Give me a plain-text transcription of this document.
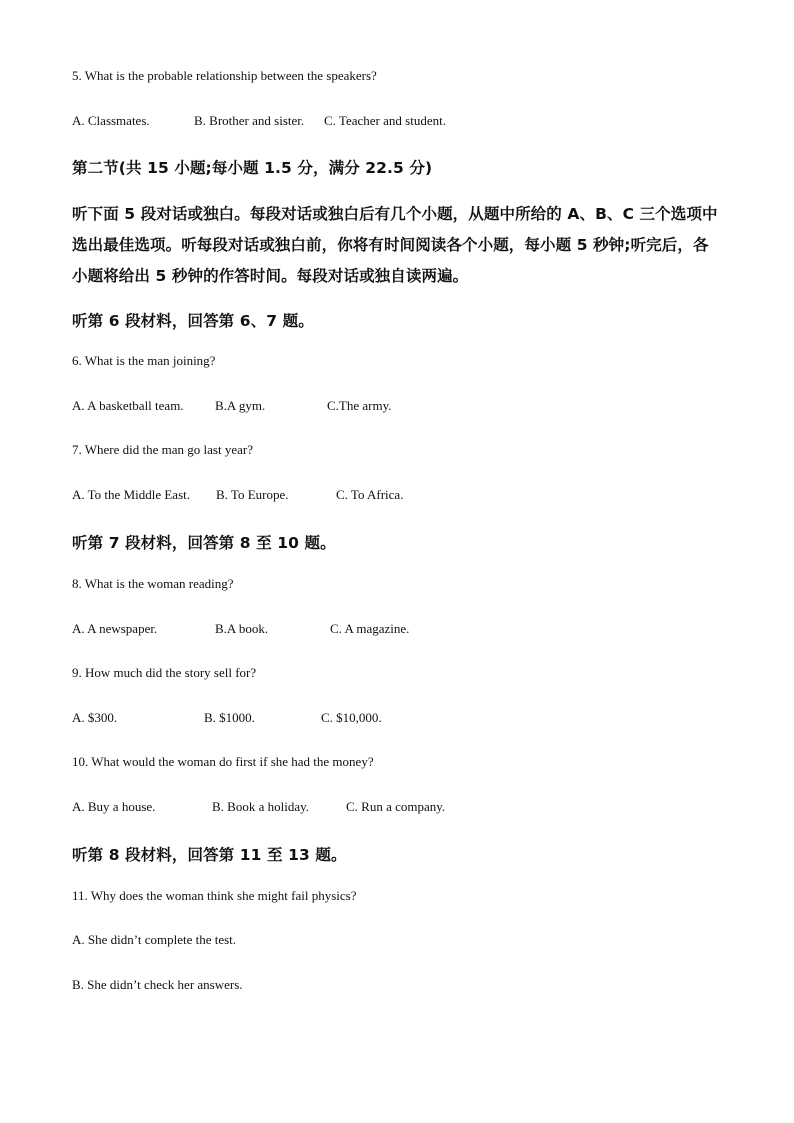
5. What is the probable relationship between the speakers?
A. Classmates.	B. Brother and sister. C. Teacher and student.
第二节(共 15 小题;每小题 1.5 分，满分 22.5 分)
听下面 5 段对话或独白。每段对话或独白后有几个小题，从题中所给的 A、B、C 三个选项中
选出最佳选项。听每段对话或独白前，你将有时间阅读各个小题，每小题 5 秒钟;听完后，各
小题将给出 5 秒钟的作答时间。每段对话或独自读两遍。
听第 6 段材料，回答第 6、7 题。
6. What is the man joining?
A. A basketball team. B.A gym.	C.The army.
7. Where did the man go last year?
A. To the Middle East. B. To Europe.	C. To Africa.
听第 7 段材料，回答第 8 至 10 题。
8. What is the woman reading?
A. A newspaper.	B.A book.	C. A magazine.
9. How much did the story sell for?
A. $300.	B. $1000.	C. $10,000.
10. What would the woman do first if she had the money?
A. Buy a house.	B. Book a holiday.	C. Run a company.
听第 8 段材料，回答第 11 至 13 题。
11. Why does the woman think she might fail physics?
A. She didn’t complete the test.
B. She didn’t check her answers.
